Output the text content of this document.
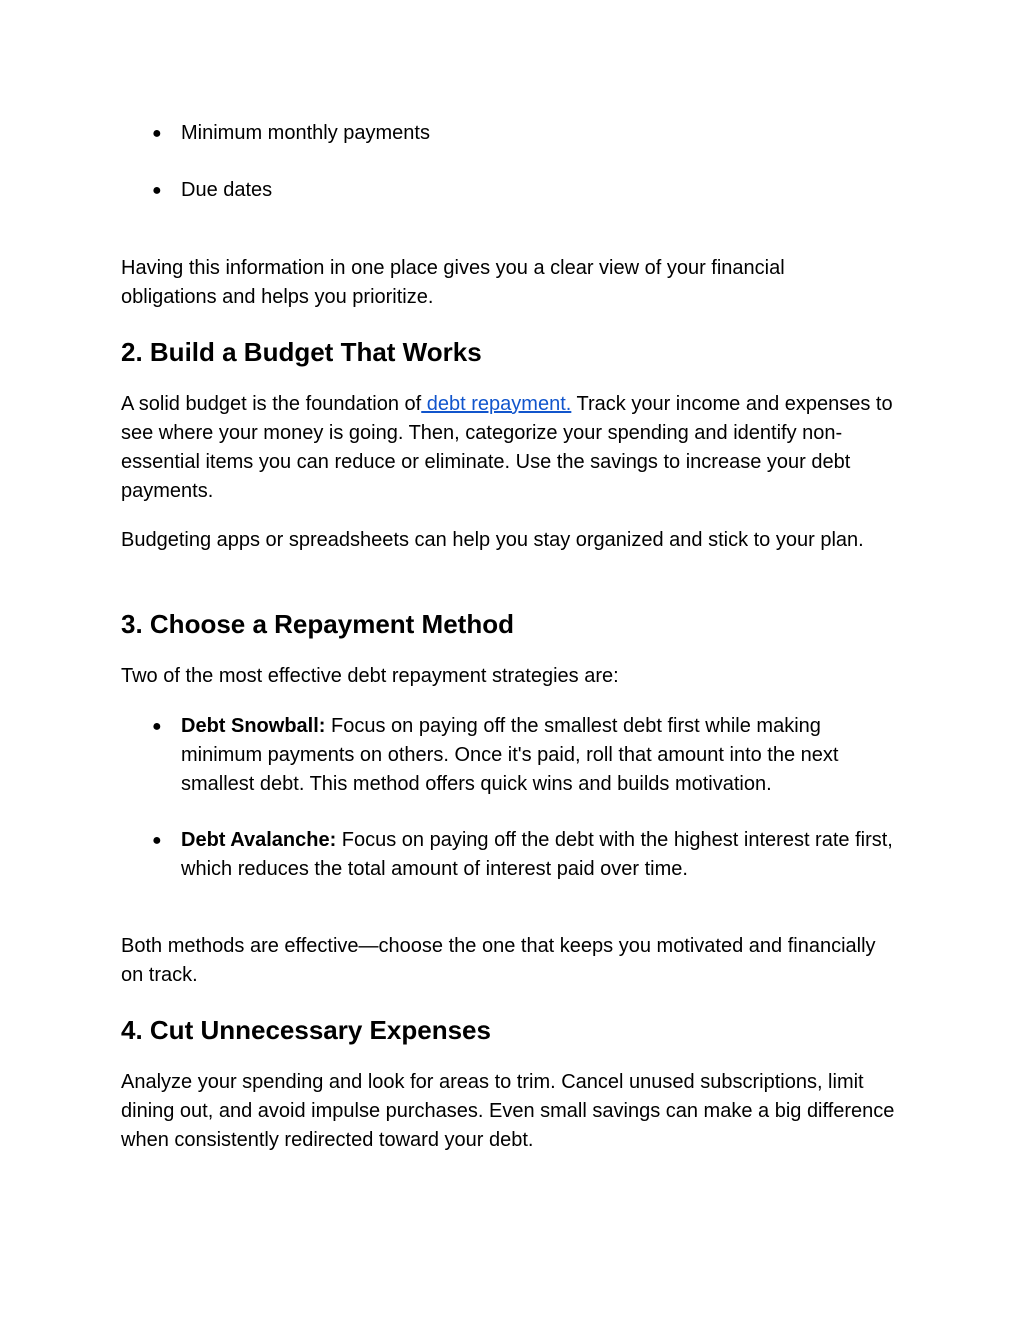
● Minimum monthly payments
● Due dates

Having this information in one place gives you a clear view of your financial obligations and helps you prioritize.

2. Build a Budget That Works

A solid budget is the foundation of debt repayment. Track your income and expenses to see where your money is going. Then, categorize your spending and identify non-essential items you can reduce or eliminate. Use the savings to increase your debt payments.

Budgeting apps or spreadsheets can help you stay organized and stick to your plan.

3. Choose a Repayment Method

Two of the most effective debt repayment strategies are:

● Debt Snowball: Focus on paying off the smallest debt first while making minimum payments on others. Once it's paid, roll that amount into the next smallest debt. This method offers quick wins and builds motivation.
● Debt Avalanche: Focus on paying off the debt with the highest interest rate first, which reduces the total amount of interest paid over time.

Both methods are effective—choose the one that keeps you motivated and financially on track.

4. Cut Unnecessary Expenses

Analyze your spending and look for areas to trim. Cancel unused subscriptions, limit dining out, and avoid impulse purchases. Even small savings can make a big difference when consistently redirected toward your debt.
